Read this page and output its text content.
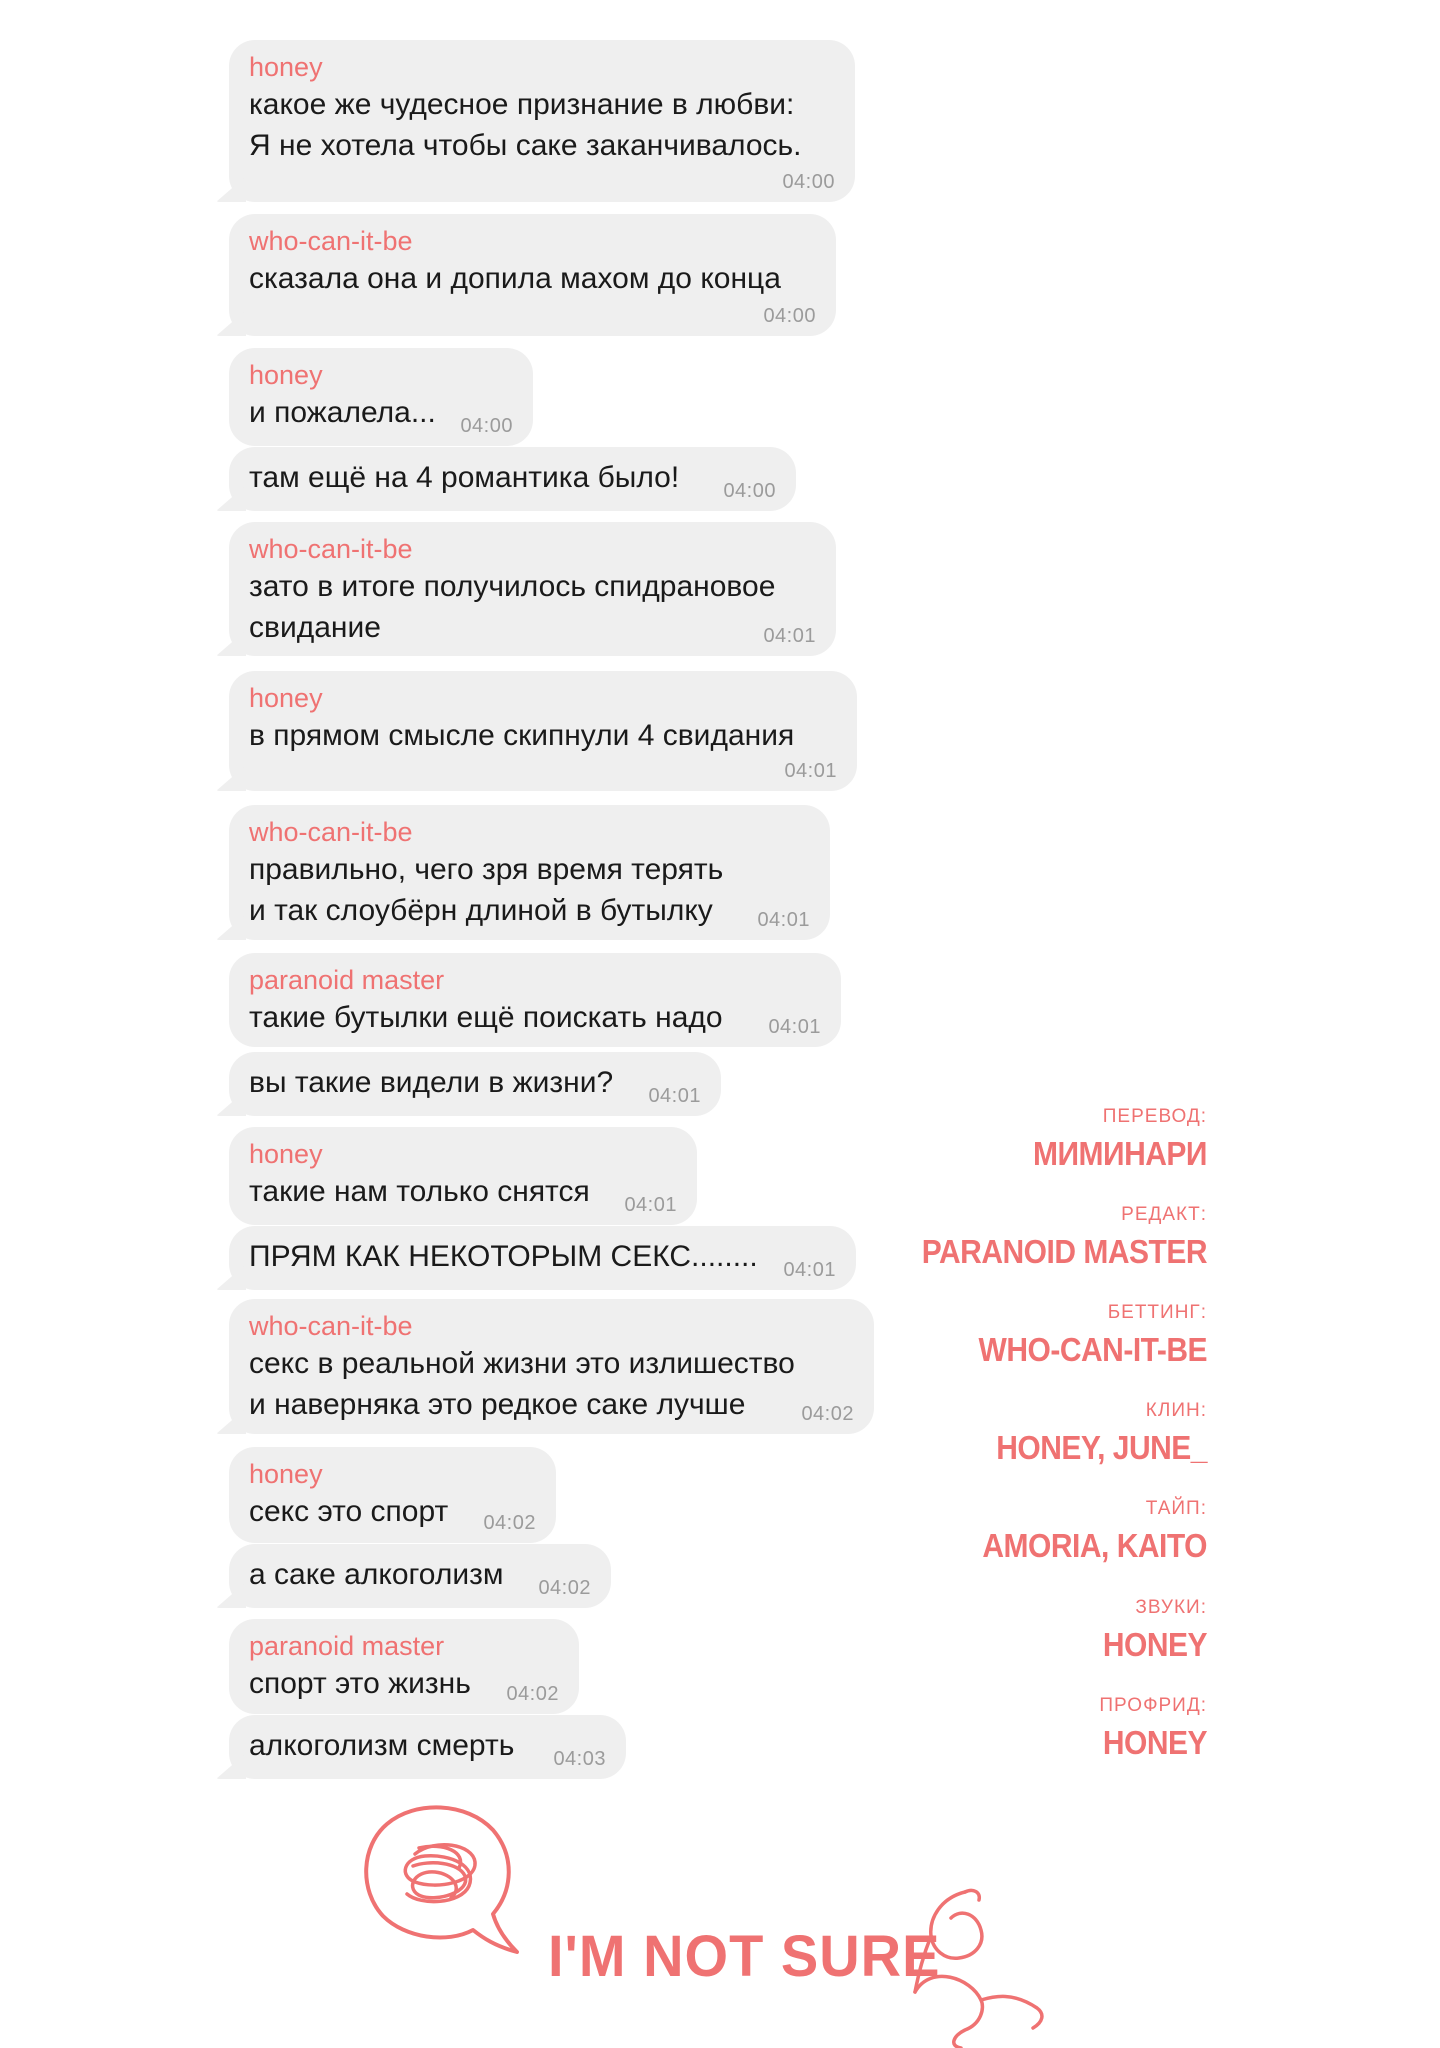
honey
какое же чудесное признание в любви:
Я не хотела чтобы саке заканчивалось.
04:00
who-can-it-be
сказала она и допила махом до конца
04:00
honey
и пожалела...	04:00
там ещё на 4 романтика было!	04:00
who-can-it-be
зато в итоге получилось спидрановое
свидание	04:01
honey
в прямом смысле скипнули 4 свидания
04:01
who-can-it-be
правильно, чего зря время терять
и так слоубёрн длиной в бутылку	04:01
paranoid master
такие бутылки ещё поискать надо	04:01
вы такие видели в жизни?	04:01
honey
такие нам только снятся	04:01
ПРЯМ КАК НЕКОТОРЫМ СЕКС........	04:01
who-can-it-be
секс в реальной жизни это излишество
и наверняка это редкое саке лучше	04:02
honey
секс это спорт	04:02
а саке алкоголизм	04:02
paranoid master
спорт это жизнь	04:02
алкоголизм смерть	04:03
ПЕРЕВОД:
МИМИНАРИ
РЕДАКТ:
PARANOID MASTER
БЕТТИНГ:
WHO-CAN-IT-BE
КЛИН:
HONEY, JUNE_
ТАЙП:
AMORIA, KAITO
ЗВУКИ:
HONEY
ПРОФРИД:
HONEY
I'M NOT SURE
